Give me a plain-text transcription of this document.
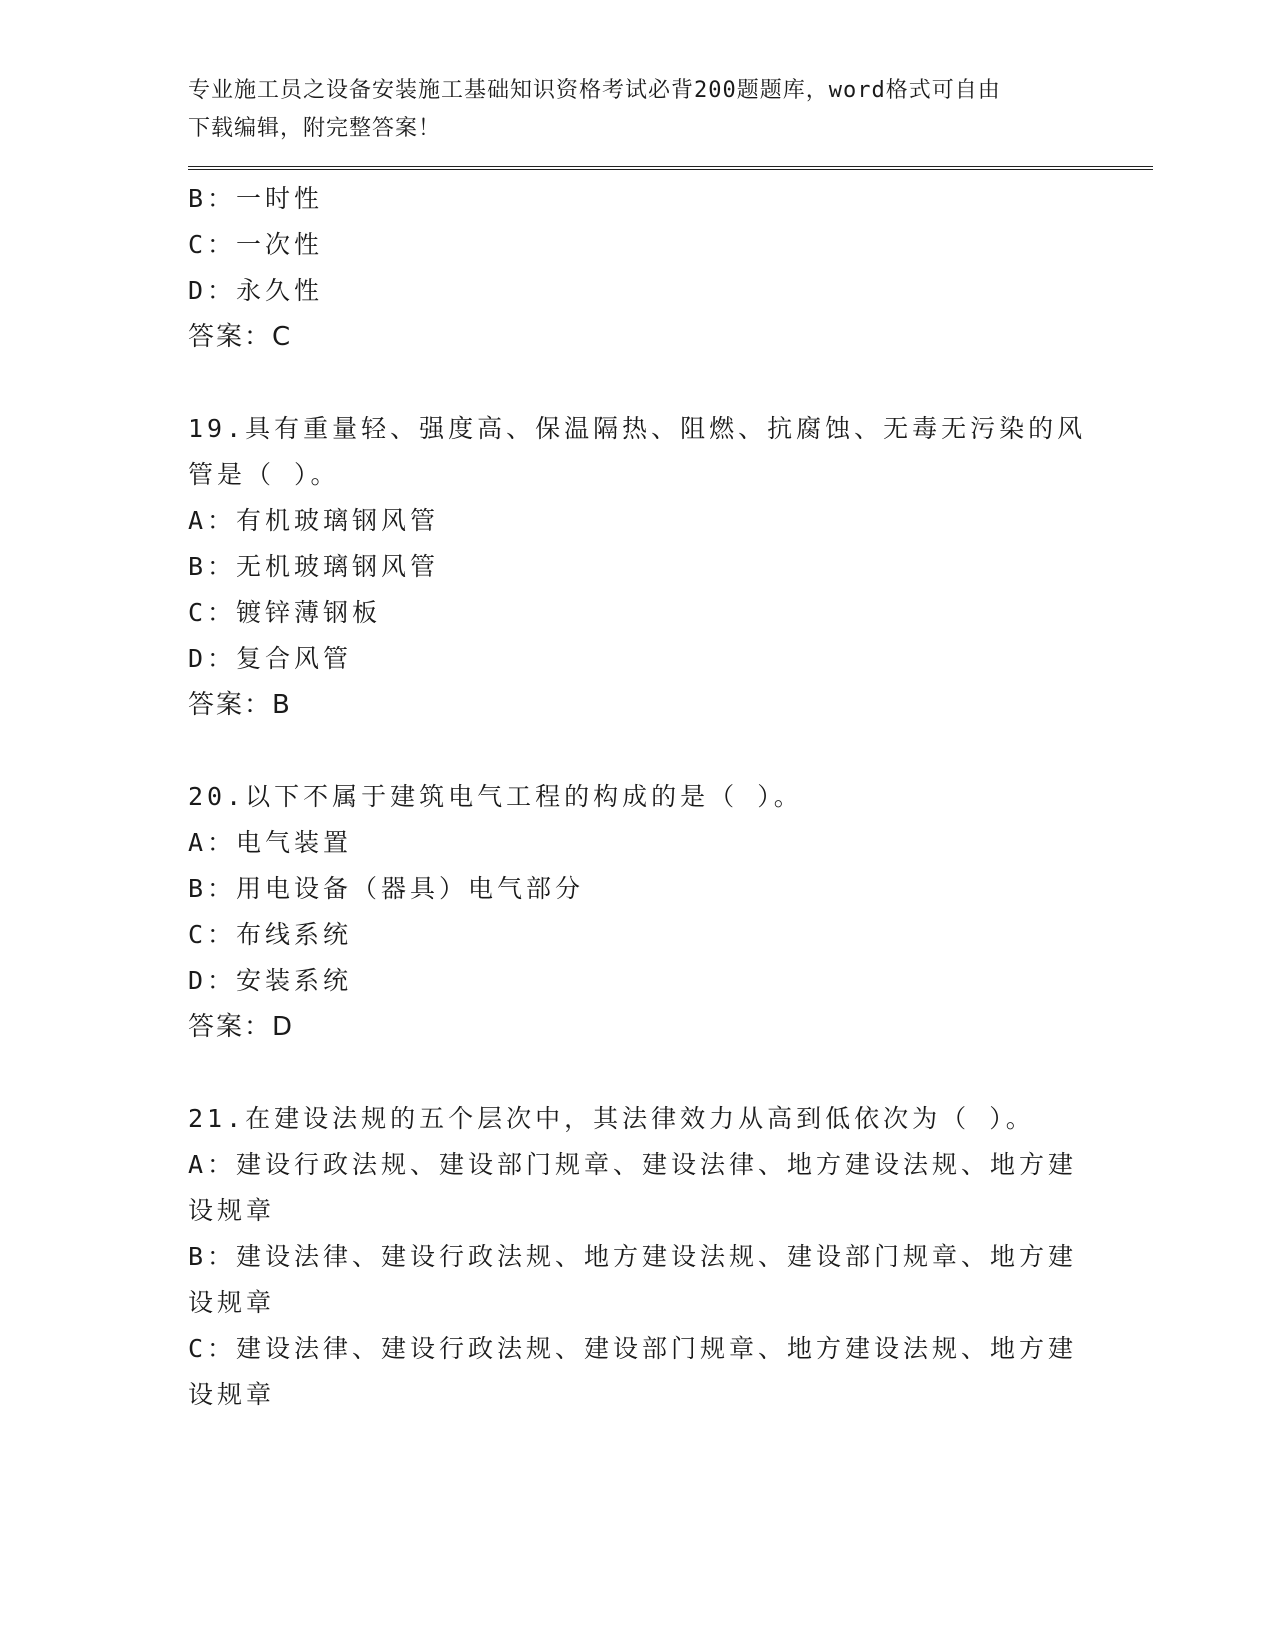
专业施工员之设备安装施工基础知识资格考试必背200题题库，word格式可自由

下载编辑，附完整答案！

B：一时性

C：一次性

D：永久性

答案：C

19.具有重量轻、强度高、保温隔热、阻燃、抗腐蚀、无毒无污染的风

管是（ ）。

A：有机玻璃钢风管

B：无机玻璃钢风管

C：镀锌薄钢板

D：复合风管

答案：B

20.以下不属于建筑电气工程的构成的是（ ）。

A：电气装置

B：用电设备（器具）电气部分

C：布线系统

D：安装系统

答案：D

21.在建设法规的五个层次中，其法律效力从高到低依次为（ ）。

A：建设行政法规、建设部门规章、建设法律、地方建设法规、地方建

设规章

B：建设法律、建设行政法规、地方建设法规、建设部门规章、地方建

设规章

C：建设法律、建设行政法规、建设部门规章、地方建设法规、地方建

设规章
